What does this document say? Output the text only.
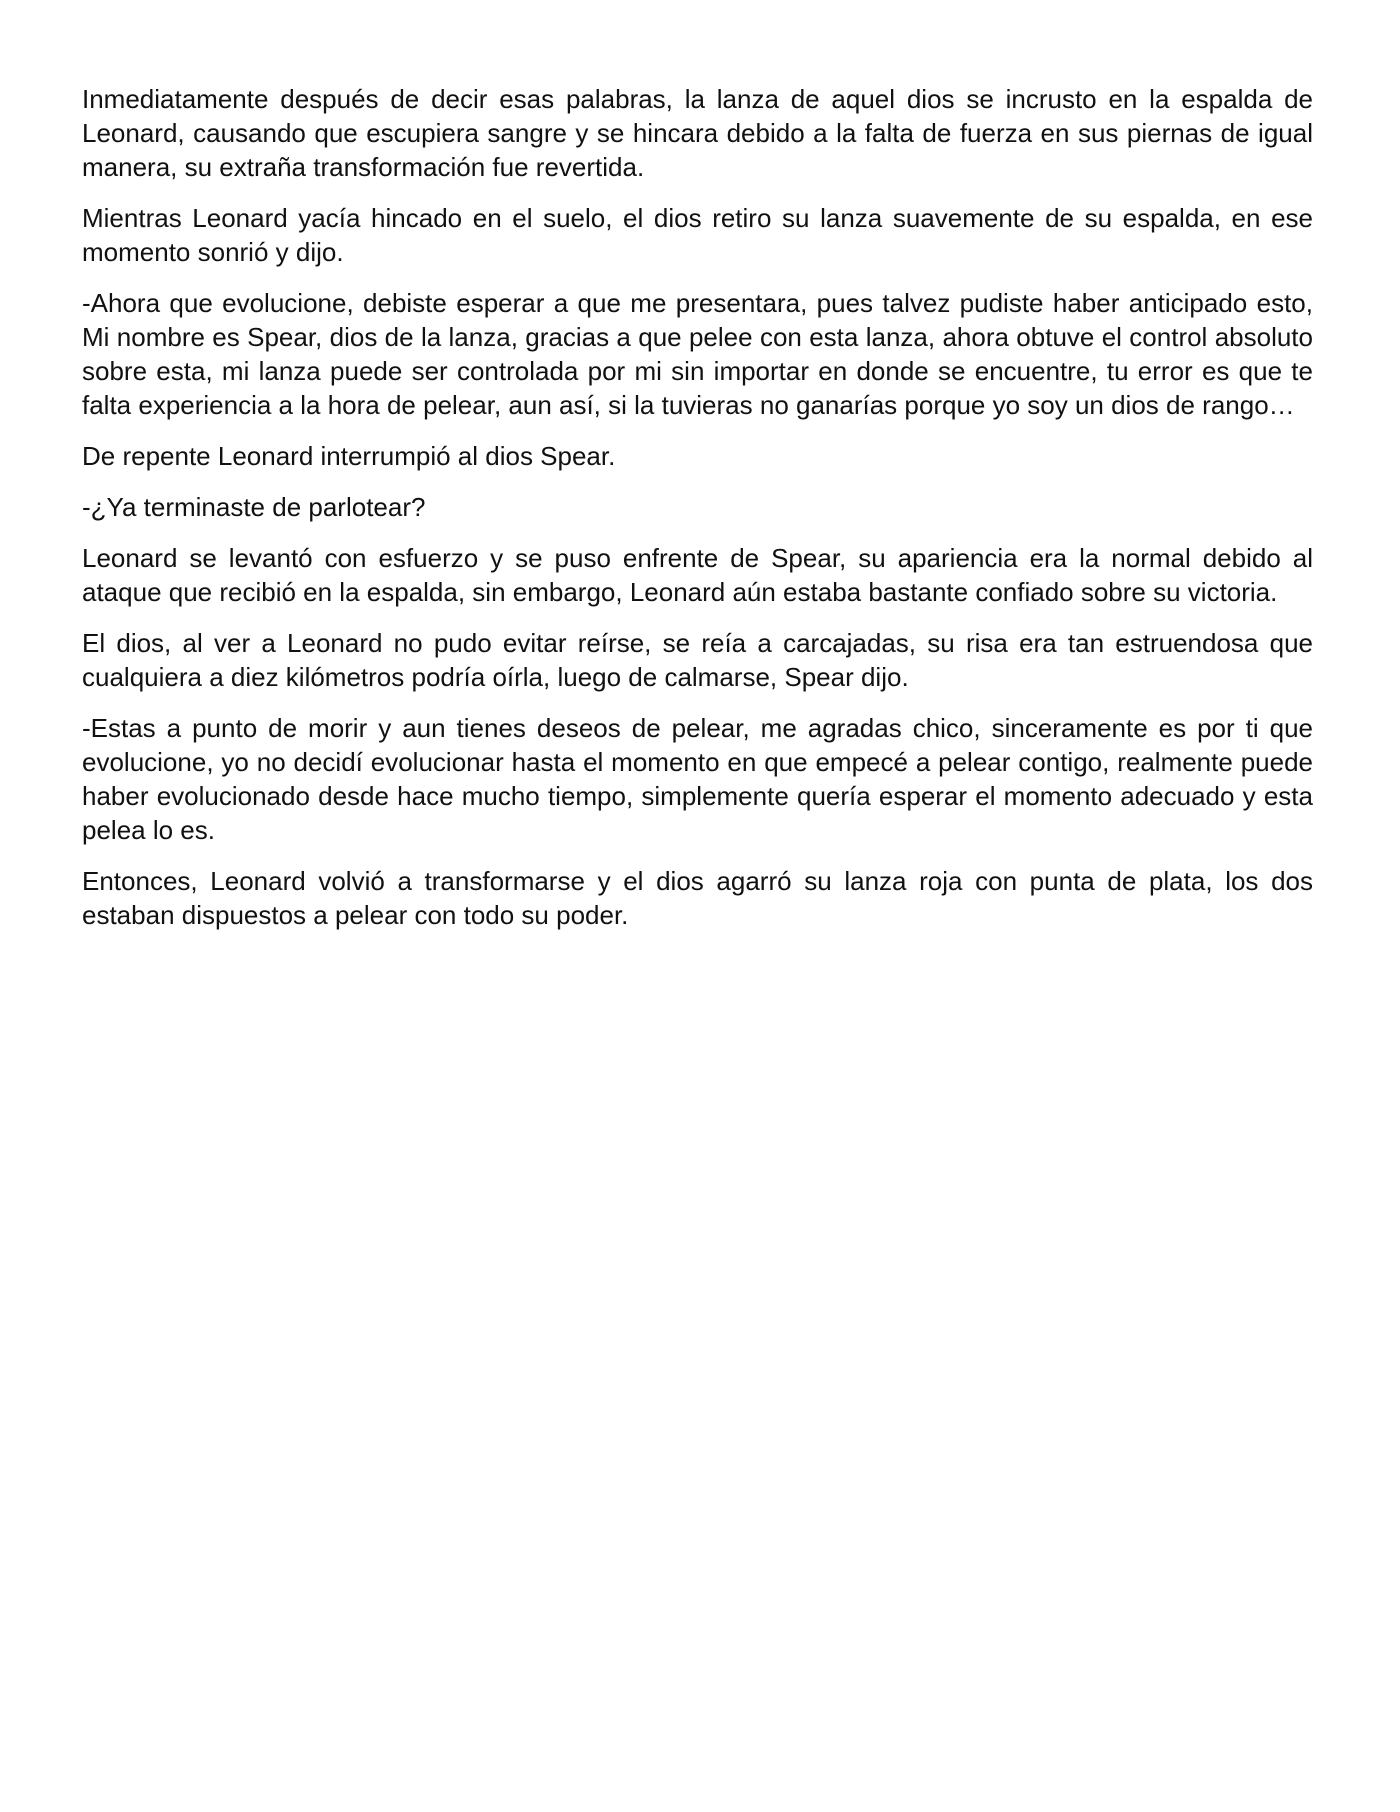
Inmediatamente después de decir esas palabras, la lanza de aquel dios se incrusto en la espalda de Leonard, causando que escupiera sangre y se hincara debido a la falta de fuerza en sus piernas de igual manera, su extraña transformación fue revertida.

Mientras Leonard yacía hincado en el suelo, el dios retiro su lanza suavemente de su espalda, en ese momento sonrió y dijo.

-Ahora que evolucione, debiste esperar a que me presentara, pues talvez pudiste haber anticipado esto, Mi nombre es Spear, dios de la lanza, gracias a que pelee con esta lanza, ahora obtuve el control absoluto sobre esta, mi lanza puede ser controlada por mi sin importar en donde se encuentre, tu error es que te falta experiencia a la hora de pelear, aun así, si la tuvieras no ganarías porque yo soy un dios de rango…

De repente Leonard interrumpió al dios Spear.

-¿Ya terminaste de parlotear?

Leonard se levantó con esfuerzo y se puso enfrente de Spear, su apariencia era la normal debido al ataque que recibió en la espalda, sin embargo, Leonard aún estaba bastante confiado sobre su victoria.

El dios, al ver a Leonard no pudo evitar reírse, se reía a carcajadas, su risa era tan estruendosa que cualquiera a diez kilómetros podría oírla, luego de calmarse, Spear dijo.

-Estas a punto de morir y aun tienes deseos de pelear, me agradas chico, sinceramente es por ti que evolucione, yo no decidí evolucionar hasta el momento en que empecé a pelear contigo, realmente puede haber evolucionado desde hace mucho tiempo, simplemente quería esperar el momento adecuado y esta pelea lo es.

Entonces, Leonard volvió a transformarse y el dios agarró su lanza roja con punta de plata, los dos estaban dispuestos a pelear con todo su poder.
